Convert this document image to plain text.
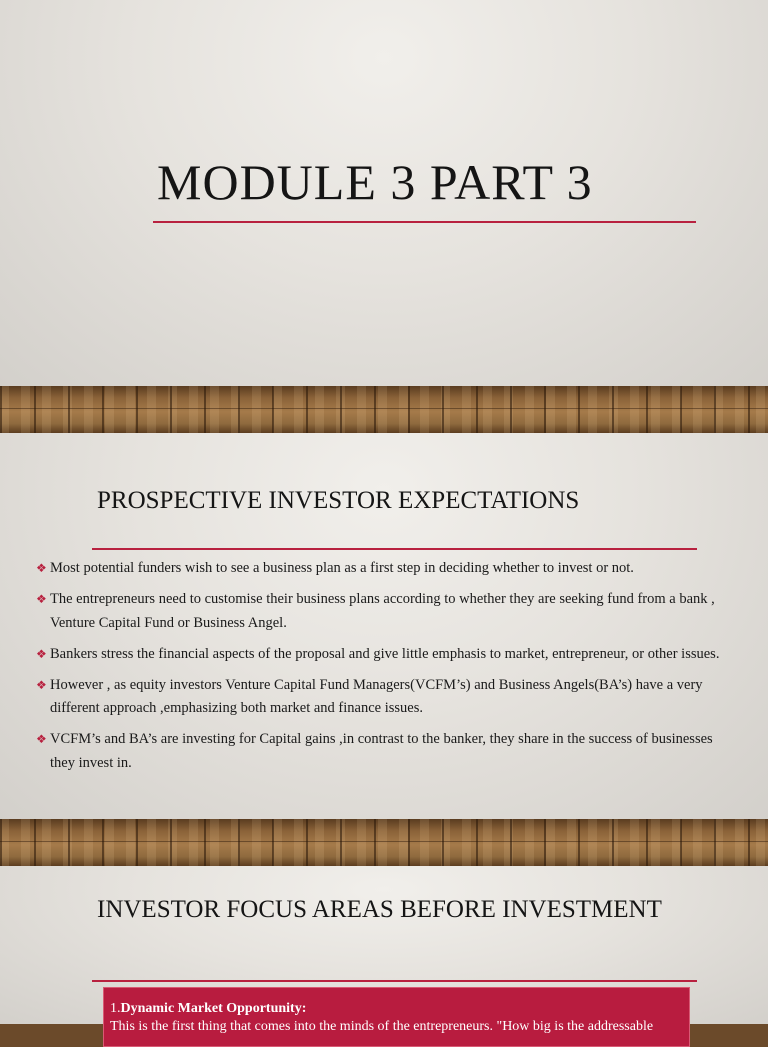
MODULE 3 PART 3
PROSPECTIVE INVESTOR EXPECTATIONS
❖ Most potential funders wish to see a business plan as a first step in deciding whether to invest or not.
❖ The entrepreneurs need to customise their business plans according to whether they are seeking fund from a bank , Venture Capital Fund or Business Angel.
❖ Bankers stress the financial aspects of the proposal and give little emphasis to market, entrepreneur, or other issues.
❖ However , as equity investors Venture Capital Fund Managers(VCFM’s) and Business Angels(BA’s) have a very different approach ,emphasizing both market and finance issues.
❖ VCFM’s and BA’s are investing for Capital gains ,in contrast to the banker, they share in the success of businesses they invest in.
INVESTOR FOCUS AREAS BEFORE INVESTMENT
1.Dynamic Market Opportunity:
This is the first thing that comes into the minds of the entrepreneurs. "How big is the addressable
